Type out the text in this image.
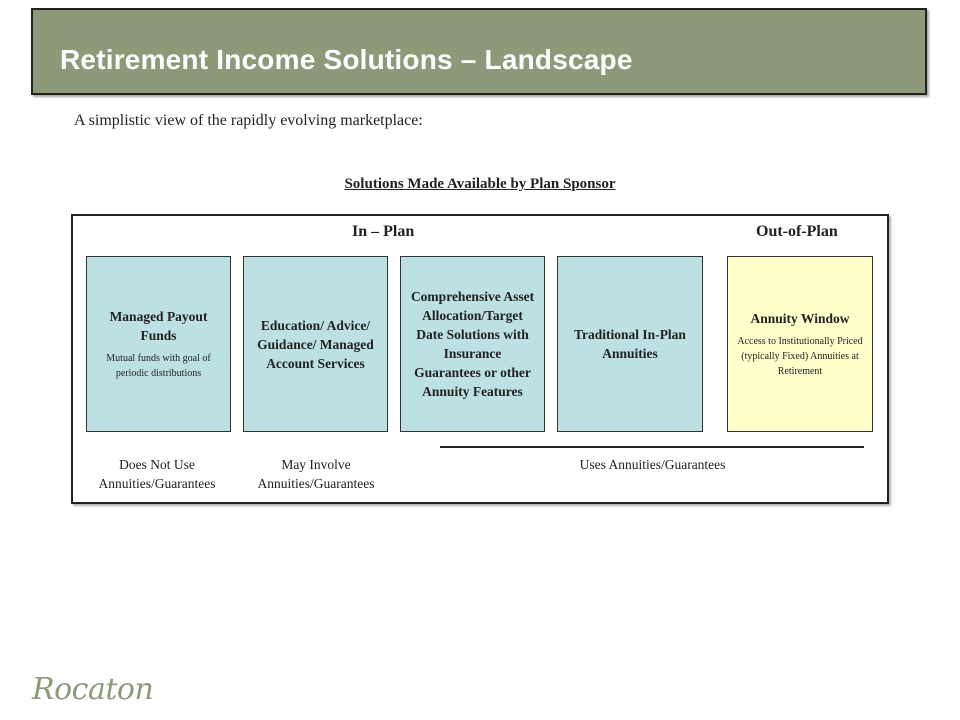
Retirement Income Solutions – Landscape
A simplistic view of the rapidly evolving marketplace:
Solutions Made Available by Plan Sponsor
In – Plan	Out-of-Plan
Managed Payout Funds
Mutual funds with goal of periodic distributions
Education/ Advice/ Guidance/ Managed Account Services
Comprehensive Asset Allocation/Target Date Solutions with Insurance Guarantees or other Annuity Features
Traditional In-Plan Annuities
Annuity Window
Access to Institutionally Priced (typically Fixed) Annuities at Retirement
Does Not Use Annuities/Guarantees
May Involve Annuities/Guarantees
Uses Annuities/Guarantees
Rocaton
